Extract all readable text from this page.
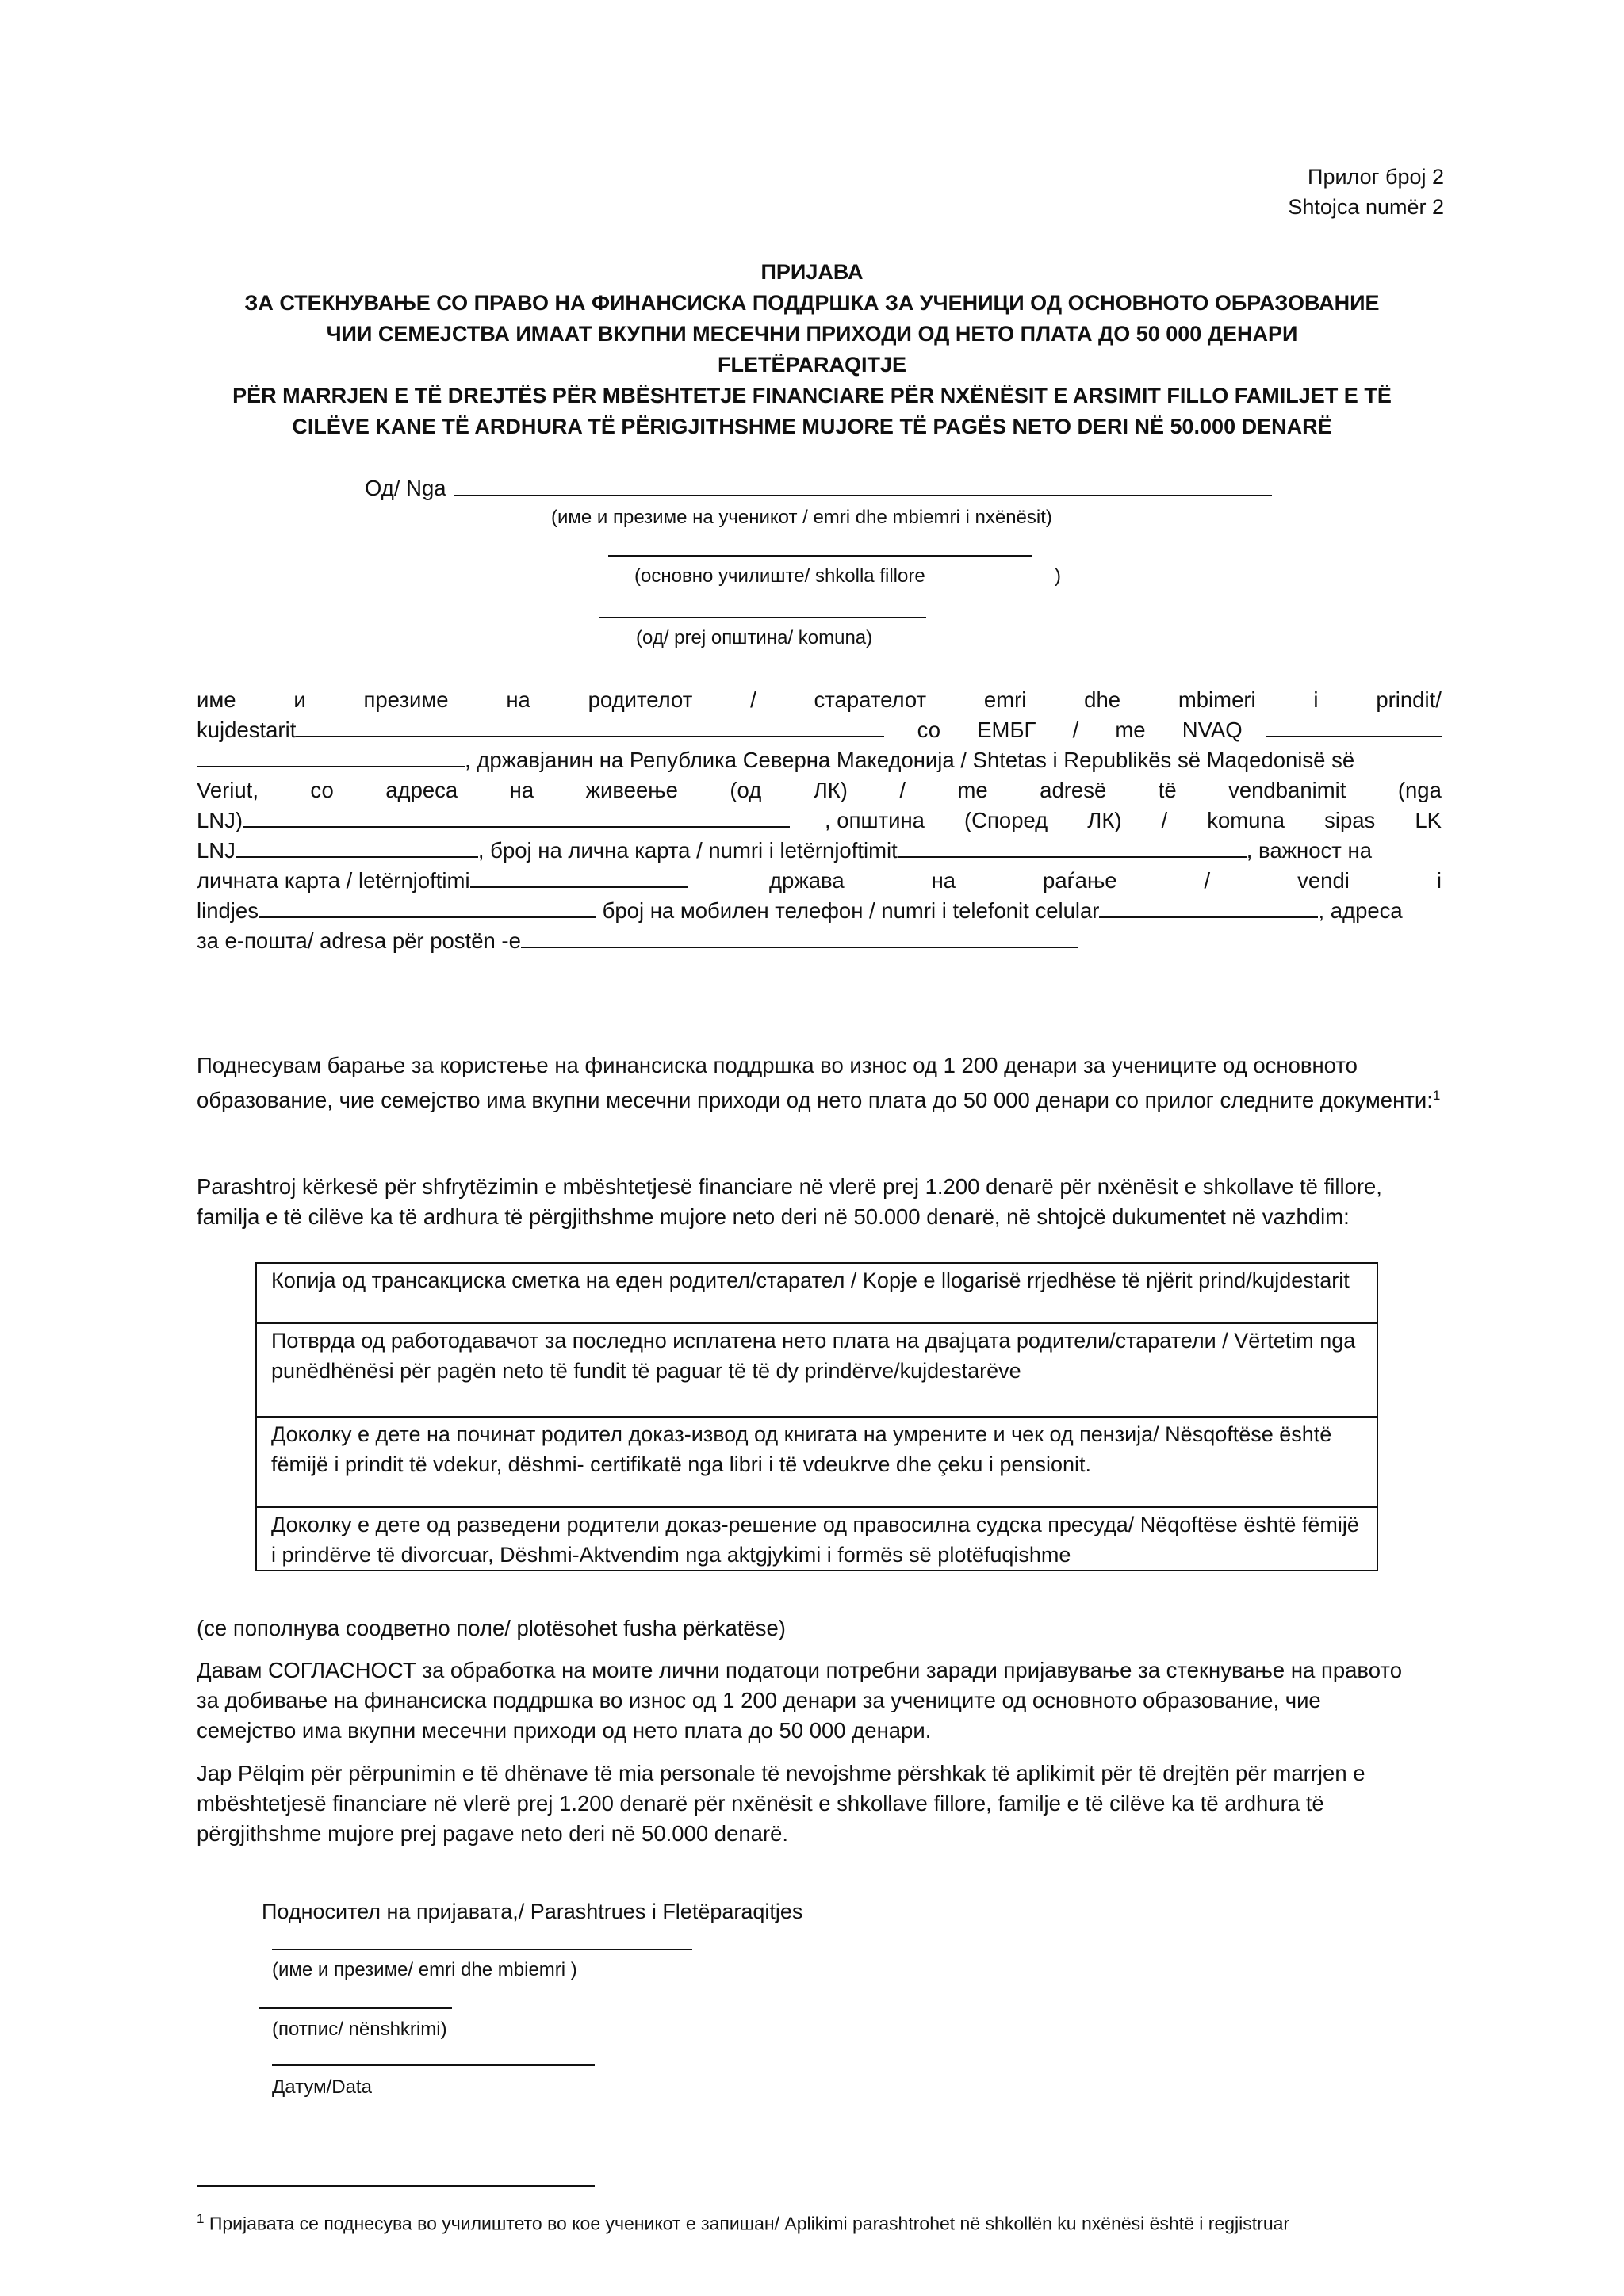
Прилог број 2
Shtojca numër 2
ПРИЈАВА
ЗА СТЕКНУВАЊЕ СО ПРАВО НА ФИНАНСИСКА ПОДДРШКА ЗА УЧЕНИЦИ ОД ОСНОВНОТО ОБРАЗОВАНИЕ
ЧИИ СЕМЕЈСТВА ИМААТ ВКУПНИ МЕСЕЧНИ ПРИХОДИ ОД НЕТО ПЛАТА ДО 50 000 ДЕНАРИ
FLETËPARAQITJE
PËR MARRJEN E TË DREJTËS PËR MBËSHTETJE FINANCIARE PËR NXËNËSIT E ARSIMIT FILLO FAMILJET E TË
CILËVE KANE TË ARDHURA TË PËRIGJITHSHME MUJORE TË PAGËS NETO DERI NË 50.000 DENARË
Од/ Nga
(име и презиме на ученикот / emri dhe mbiemri i nxënësit)
(основно училиште/ shkolla fillore	)
(од/ prej општина/ komuna)
име	и	презиме	на	родителот	/	старателот	emri	dhe	mbimeri	i	prindit/
kujdestarit	со ЕМБГ / me NVAQ
, државјанин на Република Северна Македонија / Shtetas i Republikës së Maqedonisë së
Veriut, со адреса на живеење (од ЛК) / me adresë të vendbanimit (nga
LNJ)	, општина (Според ЛК) / komuna sipas LK
LNJ	, број на лична карта / numri i letërnjoftimit	, важност на
личната карта / letërnjoftimi	држава	на	раѓање	/	vendi	i
lindjes	број на мобилен телефон / numri i telefonit celular	, адреса
за е-пошта/ adresa për postën -e
Поднесувам барање за користење на финансиска поддршка во износ од 1 200 денари за учениците од основното образование, чие семејство има вкупни месечни приходи од нето плата до 50 000 денари со прилог следните документи:$^1$
Parashtroj kërkesë për shfrytëzimin e mbështetjesë financiare në vlerë prej 1.200 denarë për nxënësit e shkollave të fillore, familja e të cilëve ka të ardhura të përgjithshme mujore neto deri në 50.000 denarë, në shtojcë dukumentet në vazhdim:
Копија од трансакциска сметка на еден родител/старател / Kopje e llogarisë rrjedhëse të njërit prind/kujdestarit
Потврда од работодавачот за последно исплатена нето плата на двајцата родители/старатели / Vërtetim nga punëdhënësi për pagën neto të fundit të paguar të të dy prindërve/kujdestarëve
Доколку е дете на починат родител доказ-извод од книгата на умрените и чек од пензија/ Nësqoftëse është fëmijë i prindit të vdekur, dëshmi- certifikatë nga libri i të vdeukrve dhe çeku i pensionit.
Доколку е дете од разведени родители доказ-решение од правосилна судска пресуда/ Nëqoftëse është fëmijë i prindërve të divorcuar, Dëshmi-Aktvendim nga aktgjykimi i formës së plotëfuqishme
(се пополнува соодветно поле/ plotësohet fusha përkatëse)
Давам СОГЛАСНОСТ за обработка на моите лични податоци потребни заради пријавување за стекнување на правото за добивање на финансиска поддршка во износ од 1 200 денари за учениците од основното образование, чие семејство има вкупни месечни приходи од нето плата до 50 000 денари.
Jap Pëlqim për përpunimin e të dhënave të mia personale të nevojshme përshkak të aplikimit për të drejtën për marrjen e mbështetjesë financiare në vlerë prej 1.200 denarë për nxënësit e shkollave fillore, familje e të cilëve ka të ardhura të përgjithshme mujore prej pagave neto deri në 50.000 denarë.
Подносител на пријавата,/ Parashtrues i Fletëparaqitjes
(име и презиме/ emri dhe mbiemri )
(потпис/ nënshkrimi)
Датум/Data
$^1$ Пријавата се поднесува во училиштето во кое ученикот е запишан/ Aplikimi parashtrohet në shkollën ku nxënësi është i regjistruar
